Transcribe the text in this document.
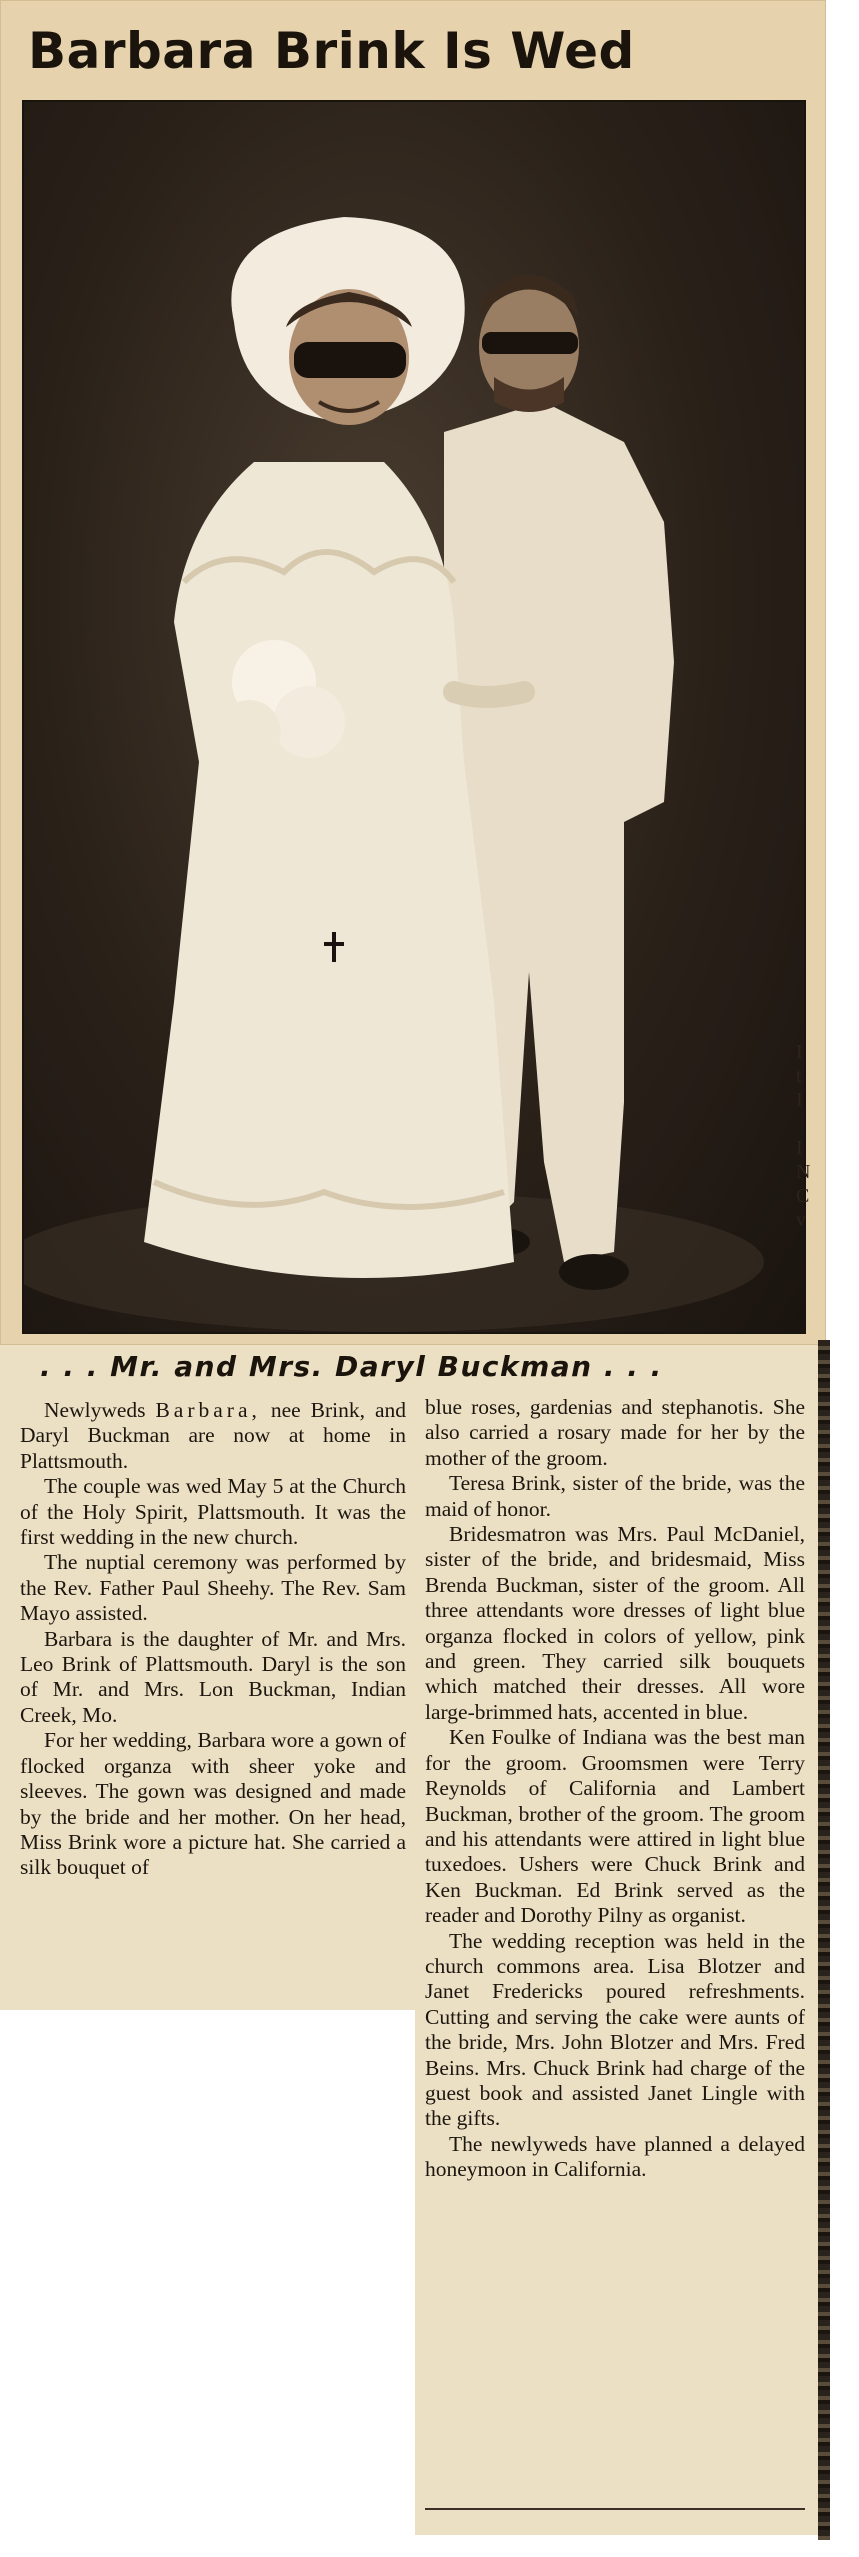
Barbara Brink Is Wed
I
t
I

I
N
C
v
. . . Mr. and Mrs. Daryl Buckman . . .

Newlyweds Barbara, nee Brink, and Daryl Buckman are now at home in Plattsmouth.

The couple was wed May 5 at the Church of the Holy Spirit, Plattsmouth. It was the first wedding in the new church.

The nuptial ceremony was performed by the Rev. Father Paul Sheehy. The Rev. Sam Mayo assisted.

Barbara is the daughter of Mr. and Mrs. Leo Brink of Plattsmouth. Daryl is the son of Mr. and Mrs. Lon Buckman, Indian Creek, Mo.

For her wedding, Barbara wore a gown of flocked organza with sheer yoke and sleeves. The gown was designed and made by the bride and her mother. On her head, Miss Brink wore a picture hat. She carried a silk bouquet of

blue roses, gardenias and stephanotis. She also carried a rosary made for her by the mother of the groom.

Teresa Brink, sister of the bride, was the maid of honor.

Bridesmatron was Mrs. Paul McDaniel, sister of the bride, and bridesmaid, Miss Brenda Buckman, sister of the groom. All three attendants wore dresses of light blue organza flocked in colors of yellow, pink and green. They carried silk bouquets which matched their dresses. All wore large-brimmed hats, accented in blue.

Ken Foulke of Indiana was the best man for the groom. Groomsmen were Terry Reynolds of California and Lambert Buckman, brother of the groom. The groom and his attendants were attired in light blue tuxedoes. Ushers were Chuck Brink and Ken Buckman. Ed Brink served as the reader and Dorothy Pilny as organist.

The wedding reception was held in the church commons area. Lisa Blotzer and Janet Fredericks poured refreshments. Cutting and serving the cake were aunts of the bride, Mrs. John Blotzer and Mrs. Fred Beins. Mrs. Chuck Brink had charge of the guest book and assisted Janet Lingle with the gifts.

The newlyweds have planned a delayed honeymoon in California.
